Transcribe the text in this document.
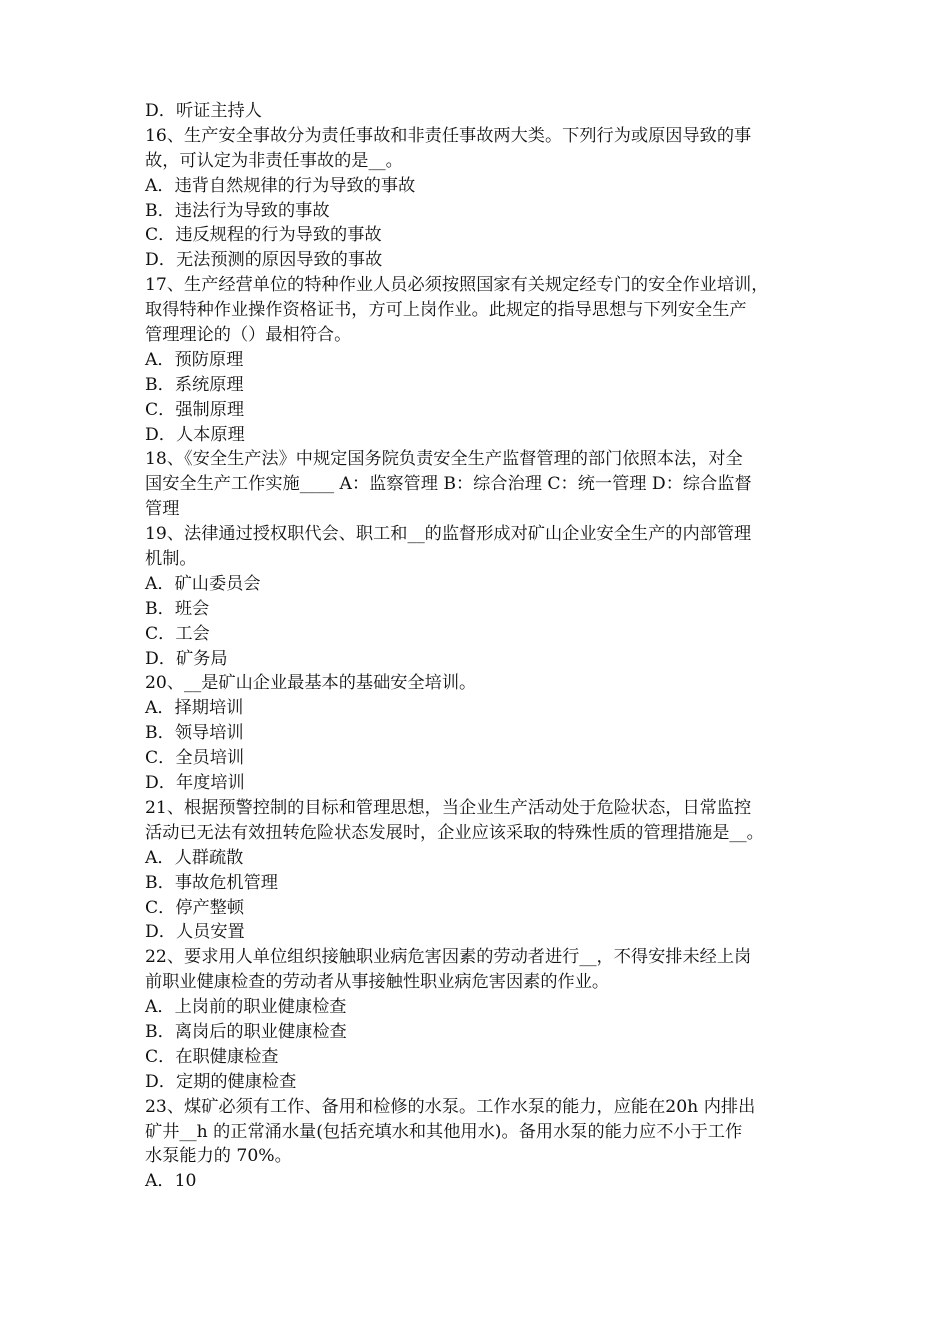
D．听证主持人
16、生产安全事故分为责任事故和非责任事故两大类。下列行为或原因导致的事
故，可认定为非责任事故的是__。
A．违背自然规律的行为导致的事故
B．违法行为导致的事故
C．违反规程的行为导致的事故
D．无法预测的原因导致的事故
17、生产经营单位的特种作业人员必须按照国家有关规定经专门的安全作业培训，
取得特种作业操作资格证书，方可上岗作业。此规定的指导思想与下列安全生产
管理理论的（）最相符合。
A．预防原理
B．系统原理
C．强制原理
D．人本原理
18、《安全生产法》中规定国务院负责安全生产监督管理的部门依照本法，对全
国安全生产工作实施____ A：监察管理 B：综合治理 C：统一管理 D：综合监督
管理
19、法律通过授权职代会、职工和__的监督形成对矿山企业安全生产的内部管理
机制。
A．矿山委员会
B．班会
C．工会
D．矿务局
20、__是矿山企业最基本的基础安全培训。
A．择期培训
B．领导培训
C．全员培训
D．年度培训
21、根据预警控制的目标和管理思想，当企业生产活动处于危险状态，日常监控
活动已无法有效扭转危险状态发展时，企业应该采取的特殊性质的管理措施是__。
A．人群疏散
B．事故危机管理
C．停产整顿
D．人员安置
22、要求用人单位组织接触职业病危害因素的劳动者进行__，不得安排未经上岗
前职业健康检查的劳动者从事接触性职业病危害因素的作业。
A．上岗前的职业健康检查
B．离岗后的职业健康检查
C．在职健康检查
D．定期的健康检查
23、煤矿必须有工作、备用和检修的水泵。工作水泵的能力，应能在20h 内排出
矿井__h 的正常涌水量(包括充填水和其他用水)。备用水泵的能力应不小于工作
水泵能力的 70%。
A．10
